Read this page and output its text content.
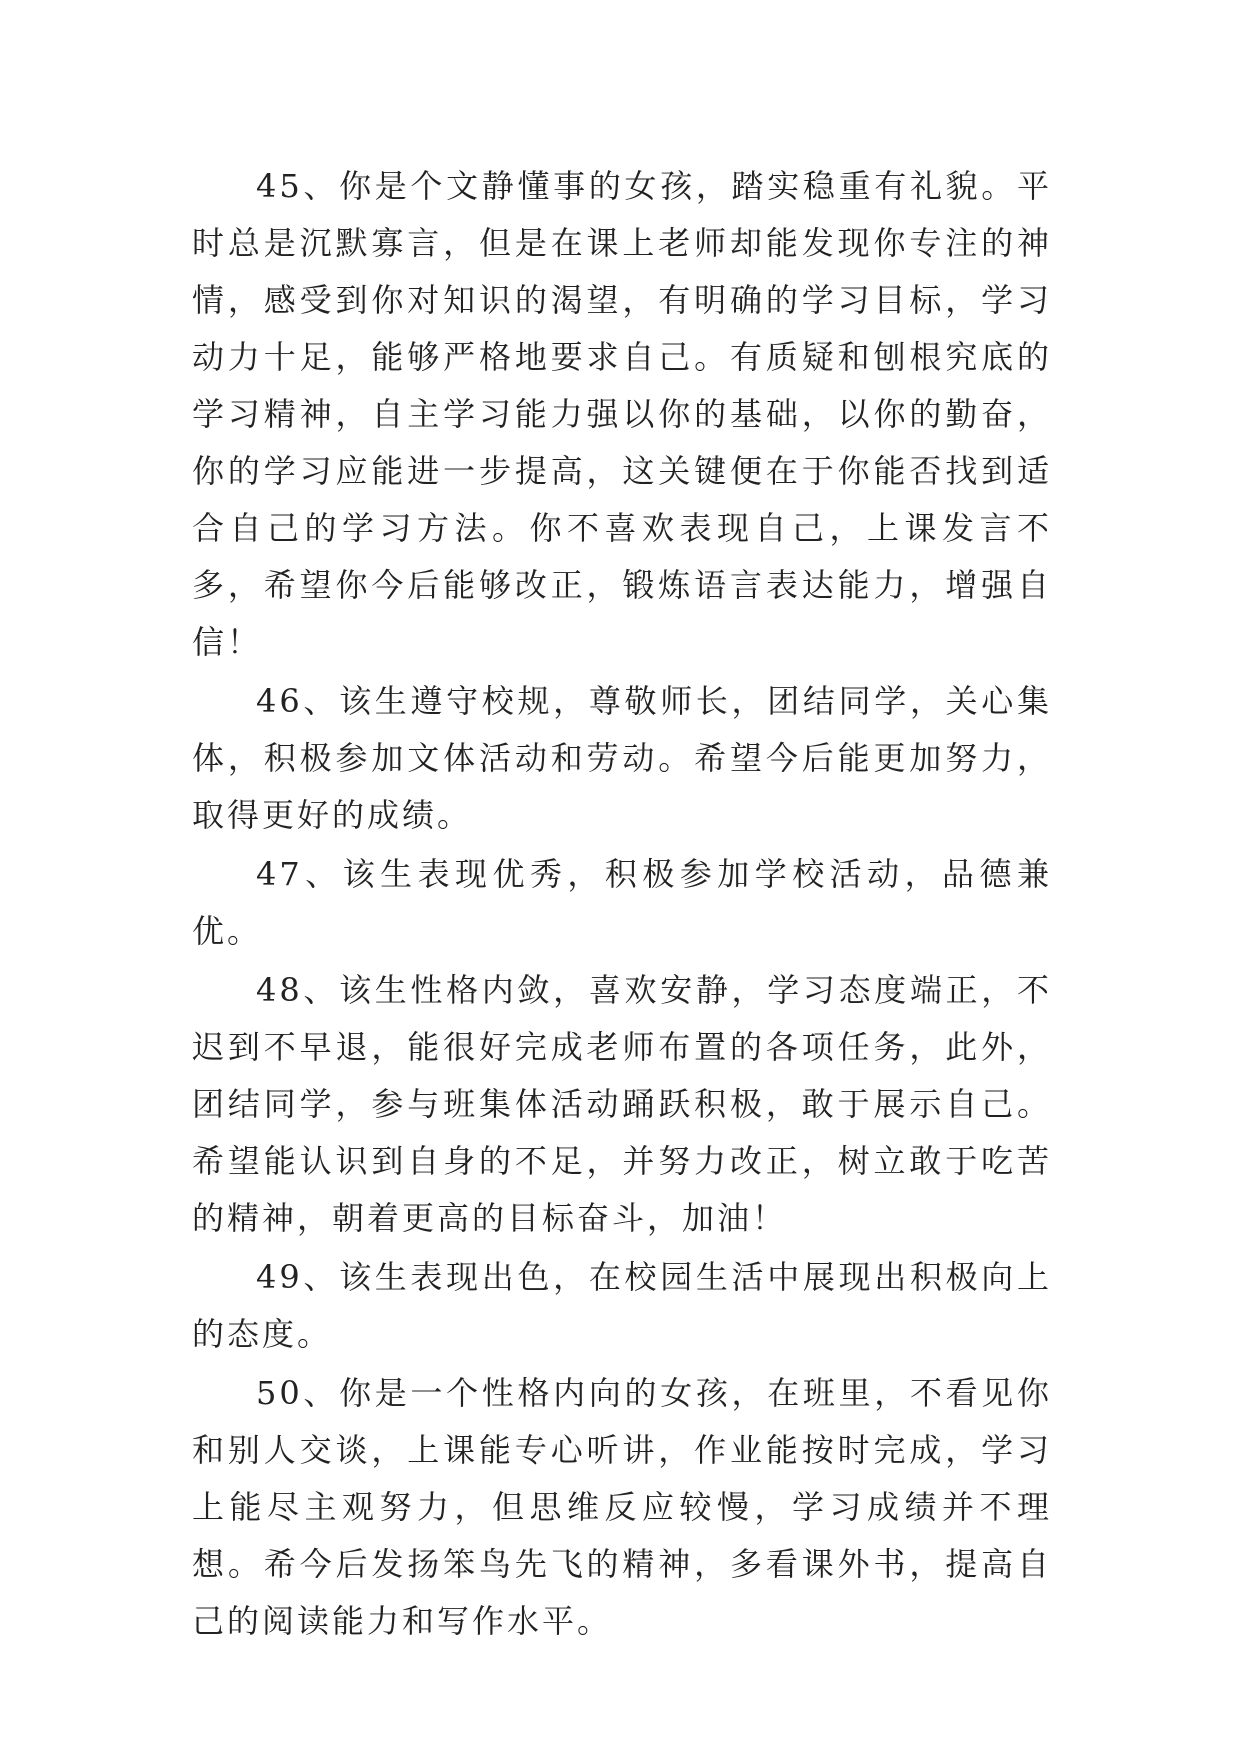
45、你是个文静懂事的女孩，踏实稳重有礼貌。平时总是沉默寡言，但是在课上老师却能发现你专注的神情，感受到你对知识的渴望，有明确的学习目标，学习动力十足，能够严格地要求自己。有质疑和刨根究底的学习精神，自主学习能力强以你的基础，以你的勤奋，你的学习应能进一步提高，这关键便在于你能否找到适合自己的学习方法。你不喜欢表现自己，上课发言不多，希望你今后能够改正，锻炼语言表达能力，增强自信！

46、该生遵守校规，尊敬师长，团结同学，关心集体，积极参加文体活动和劳动。希望今后能更加努力，取得更好的成绩。

47、该生表现优秀，积极参加学校活动，品德兼优。

48、该生性格内敛，喜欢安静，学习态度端正，不迟到不早退，能很好完成老师布置的各项任务，此外，团结同学，参与班集体活动踊跃积极，敢于展示自己。希望能认识到自身的不足，并努力改正，树立敢于吃苦的精神，朝着更高的目标奋斗，加油！

49、该生表现出色，在校园生活中展现出积极向上的态度。

50、你是一个性格内向的女孩，在班里，不看见你和别人交谈，上课能专心听讲，作业能按时完成，学习上能尽主观努力，但思维反应较慢，学习成绩并不理想。希今后发扬笨鸟先飞的精神，多看课外书，提高自己的阅读能力和写作水平。
